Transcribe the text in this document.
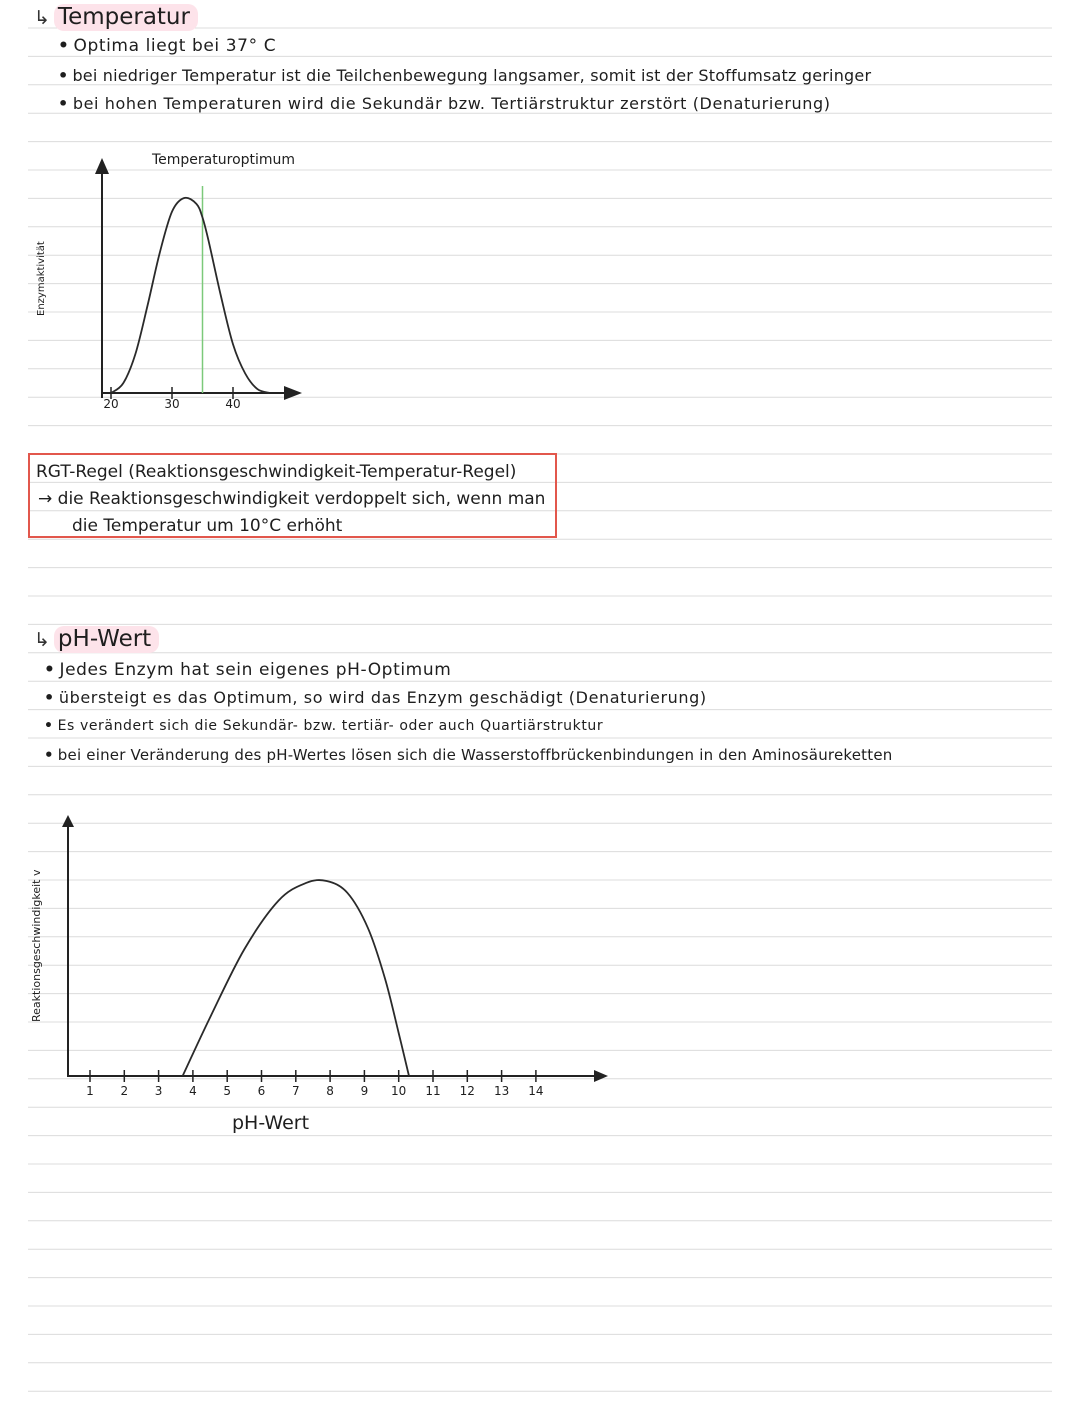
↳ Temperatur
• Optima liegt bei 37° C
• bei niedriger Temperatur ist die Teilchenbewegung langsamer, somit ist der Stoffumsatz geringer
• bei hohen Temperaturen wird die Sekundär bzw. Tertiärstruktur zerstört (Denaturierung)
Temperaturoptimum
Enzymaktivität
20	30	40
RGT-Regel (Reaktionsgeschwindigkeit-Temperatur-Regel)
→ die Reaktionsgeschwindigkeit verdoppelt sich, wenn man
die Temperatur um 10°C erhöht
↳ pH-Wert
• Jedes Enzym hat sein eigenes pH-Optimum
• übersteigt es das Optimum, so wird das Enzym geschädigt (Denaturierung)
• Es verändert sich die Sekundär- bzw. tertiär- oder auch Quartiärstruktur
• bei einer Veränderung des pH-Wertes lösen sich die Wasserstoffbrückenbindungen in den Aminosäureketten
Reaktionsgeschwindigkeit v
1	2	3	4	5	6	7	8	9	10	11	12	13	14
pH-Wert
